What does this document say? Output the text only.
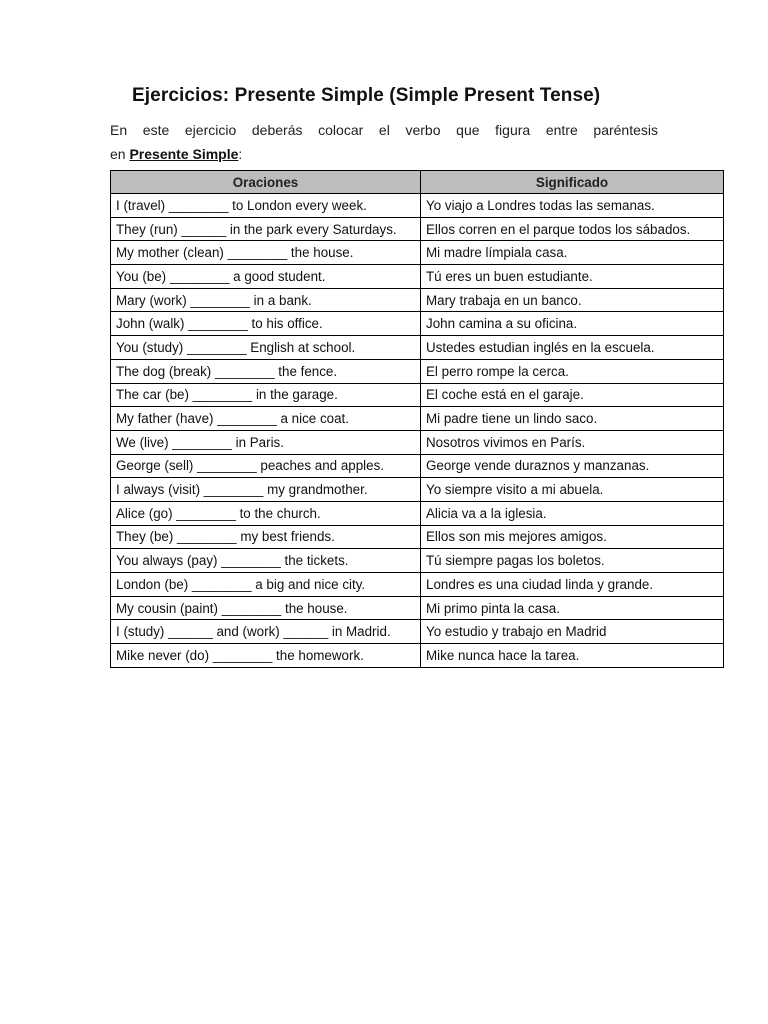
Ejercicios: Presente Simple (Simple Present Tense)

En este ejercicio deberás colocar el verbo que figura entre paréntesis
en Presente Simple:

Oraciones	Significado
I (travel) ________ to London every week.	Yo viajo a Londres todas las semanas.
They (run) ______ in the park every Saturdays.	Ellos corren en el parque todos los sábados.
My mother (clean) ________ the house.	Mi madre límpiala casa.
You (be) ________ a good student.	Tú eres un buen estudiante.
Mary (work) ________ in a bank.	Mary trabaja en un banco.
John (walk) ________ to his office.	John camina a su oficina.
You (study) ________ English at school.	Ustedes estudian inglés en la escuela.
The dog (break) ________ the fence.	El perro rompe la cerca.
The car (be) ________ in the garage.	El coche está en el garaje.
My father (have) ________ a nice coat.	Mi padre tiene un lindo saco.
We (live) ________ in Paris.	Nosotros vivimos en París.
George (sell) ________ peaches and apples.	George vende duraznos y manzanas.
I always (visit) ________ my grandmother.	Yo siempre visito a mi abuela.
Alice (go) ________ to the church.	Alicia va a la iglesia.
They (be) ________ my best friends.	Ellos son mis mejores amigos.
You always (pay) ________ the tickets.	Tú siempre pagas los boletos.
London (be) ________ a big and nice city.	Londres es una ciudad linda y grande.
My cousin (paint) ________ the house.	Mi primo pinta la casa.
I (study) ______ and (work) ______ in Madrid.	Yo estudio y trabajo en Madrid
Mike never (do) ________ the homework.	Mike nunca hace la tarea.
